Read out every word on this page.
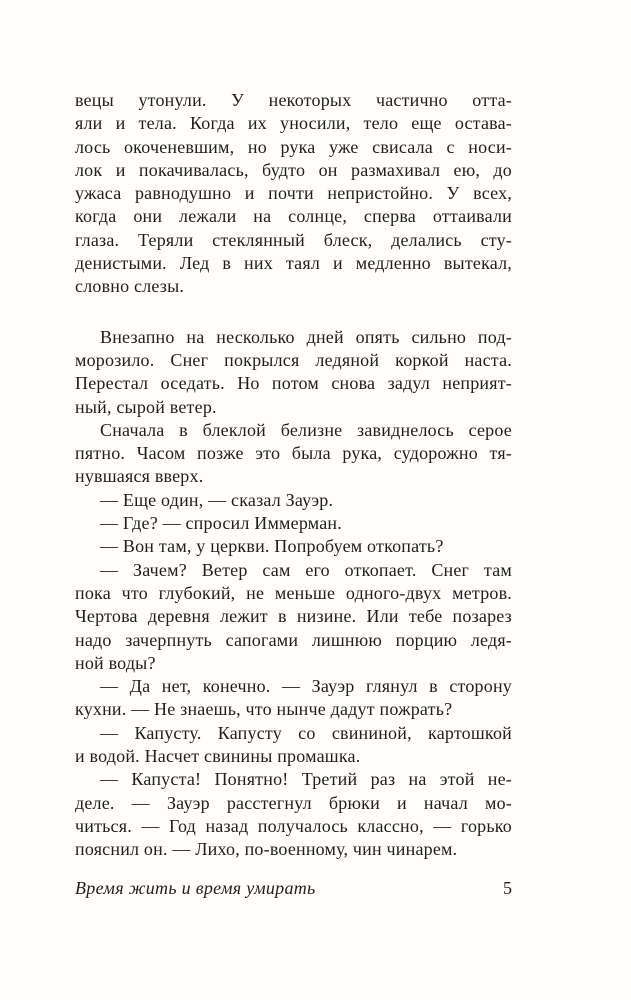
вецы утонули. У некоторых частично отта-
яли и тела. Когда их уносили, тело еще остава-
лось окоченевшим, но рука уже свисала с носи-
лок и покачивалась, будто он размахивал ею, до
ужаса равнодушно и почти непристойно. У всех,
когда они лежали на солнце, сперва оттаивали
глаза. Теряли стеклянный блеск, делались сту-
денистыми. Лед в них таял и медленно вытекал,
словно слезы.
Внезапно на несколько дней опять сильно под-
морозило. Снег покрылся ледяной коркой наста.
Перестал оседать. Но потом снова задул неприят-
ный, сырой ветер.
Сначала в блеклой белизне завиднелось серое
пятно. Часом позже это была рука, судорожно тя-
нувшаяся вверх.
— Еще один, — сказал Зауэр.
— Где? — спросил Иммерман.
— Вон там, у церкви. Попробуем откопать?
— Зачем? Ветер сам его откопает. Снег там
пока что глубокий, не меньше одного-двух метров.
Чертова деревня лежит в низине. Или тебе позарез
надо зачерпнуть сапогами лишнюю порцию ледя-
ной воды?
— Да нет, конечно. — Зауэр глянул в сторону
кухни. — Не знаешь, что нынче дадут пожрать?
— Капусту. Капусту со свининой, картошкой
и водой. Насчет свинины промашка.
— Капуста! Понятно! Третий раз на этой не-
деле. — Зауэр расстегнул брюки и начал мо-
читься. — Год назад получалось классно, — горько
пояснил он. — Лихо, по-военному, чин чинарем.
Время жить и время умирать	5
